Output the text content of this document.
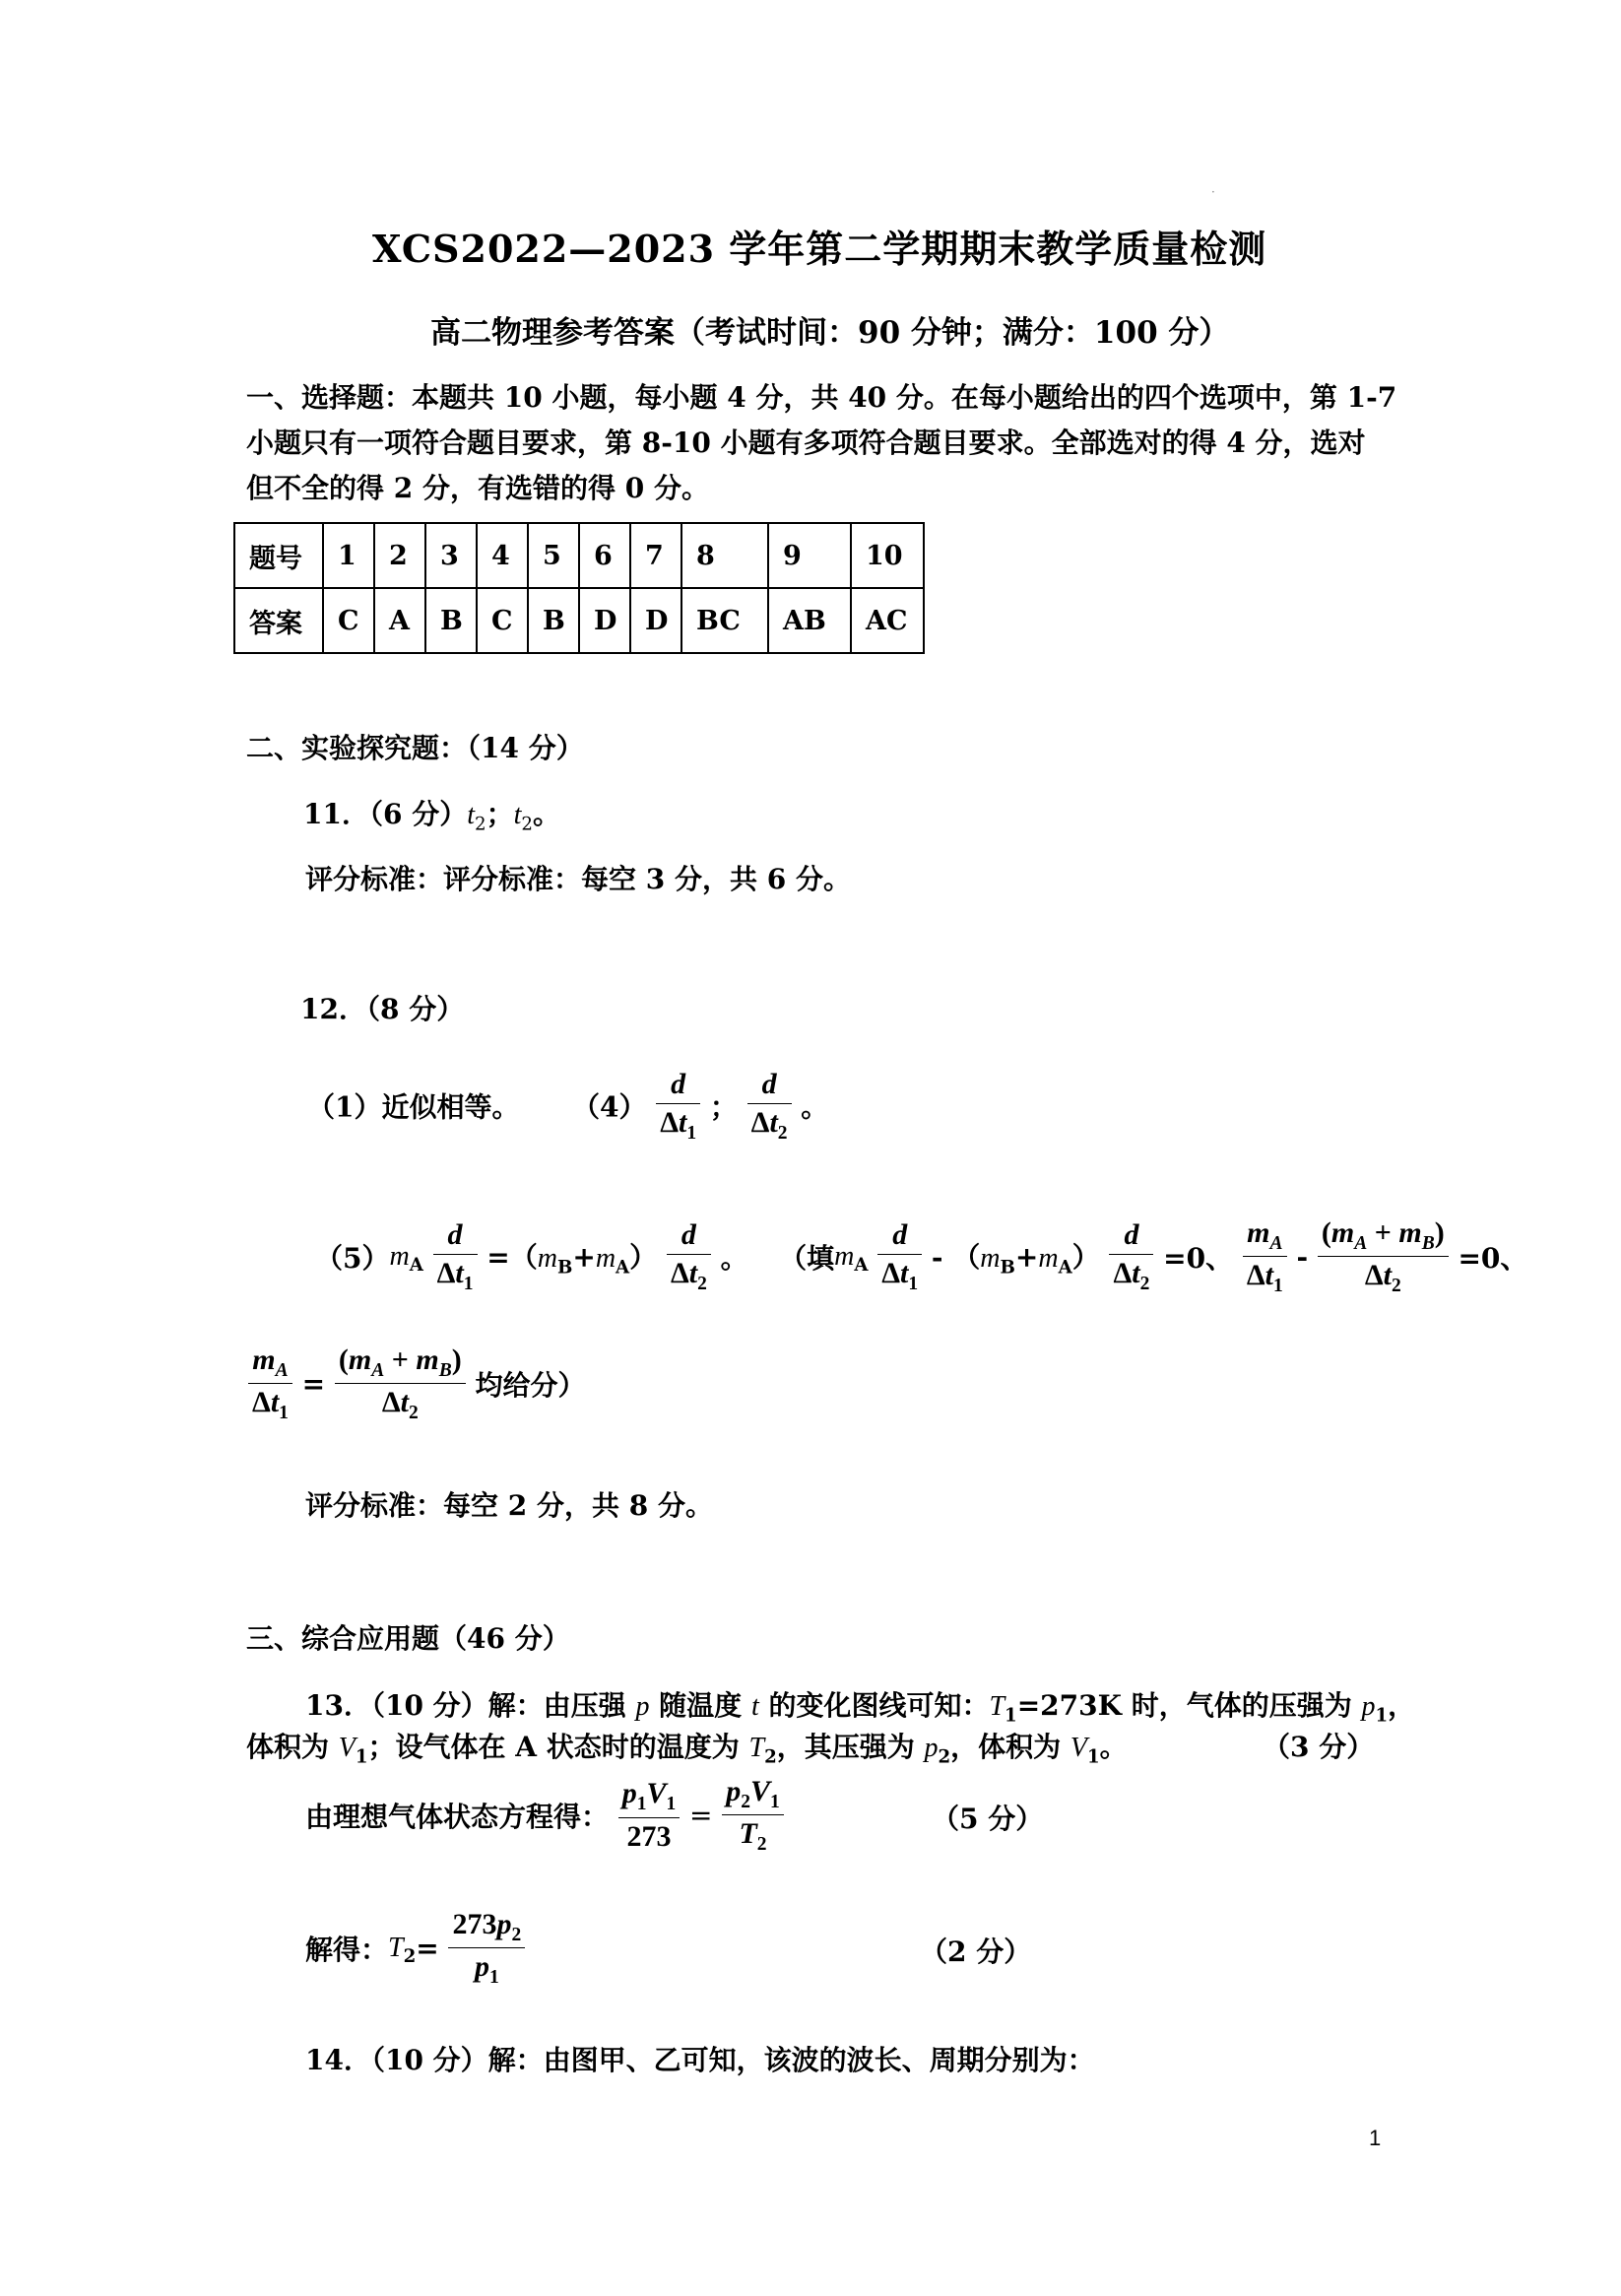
·
XCS2022—2023 学年第二学期期末教学质量检测
高二物理参考答案（考试时间：90 分钟；满分：100 分）
一、选择题：本题共 10 小题，每小题 4 分，共 40 分。在每小题给出的四个选项中，第 1-7
小题只有一项符合题目要求，第 8-10 小题有多项符合题目要求。全部选对的得 4 分，选对
但不全的得 2 分，有选错的得 0 分。
题号	1	2	3	4	5	6	7	8	9	10
答案	C	A	B	C	B	D	D	BC	AB	AC
二、实验探究题：（14 分）
11．（6 分）$t_2$；$t_2$。
评分标准：评分标准：每空 3 分，共 6 分。
12．（8 分）
（1）近似相等。 $(4) \frac{d}{\Delta t_1}$ ； $\frac{d}{\Delta t_2}$ 。
$(5)m_A \frac{d}{\Delta t_1} =(m_B+m_A) \frac{d}{\Delta t_2}$ 。 （填$m_A \frac{d}{\Delta t_1} - (m_B+m_A) \frac{d}{\Delta t_2} =0$、 $\frac{m_A}{\Delta t_1} - \frac{(m_A + m_B)}{\Delta t_2} =0$、
$\frac{m_A}{\Delta t_1} = \frac{(m_A + m_B)}{\Delta t_2}$ 均给分）
评分标准：每空 2 分，共 8 分。
三、综合应用题（46 分）
13．（10 分）解：由压强 p 随温度 t 的变化图线可知：$T_1=273K$ 时，气体的压强为 $p_1$，
体积为 $V_1$；设气体在 A 状态时的温度为 $T_2$，其压强为 $p_2$，体积为 $V_1$。	（3 分）
由理想气体状态方程得： $\frac{p_1V_1}{273} = \frac{p_2V_1}{T_2}$	（5 分）
解得：$T_2= \frac{273p_2}{p_1}$	（2 分）
14．（10 分）解：由图甲、乙可知，该波的波长、周期分别为：
1
